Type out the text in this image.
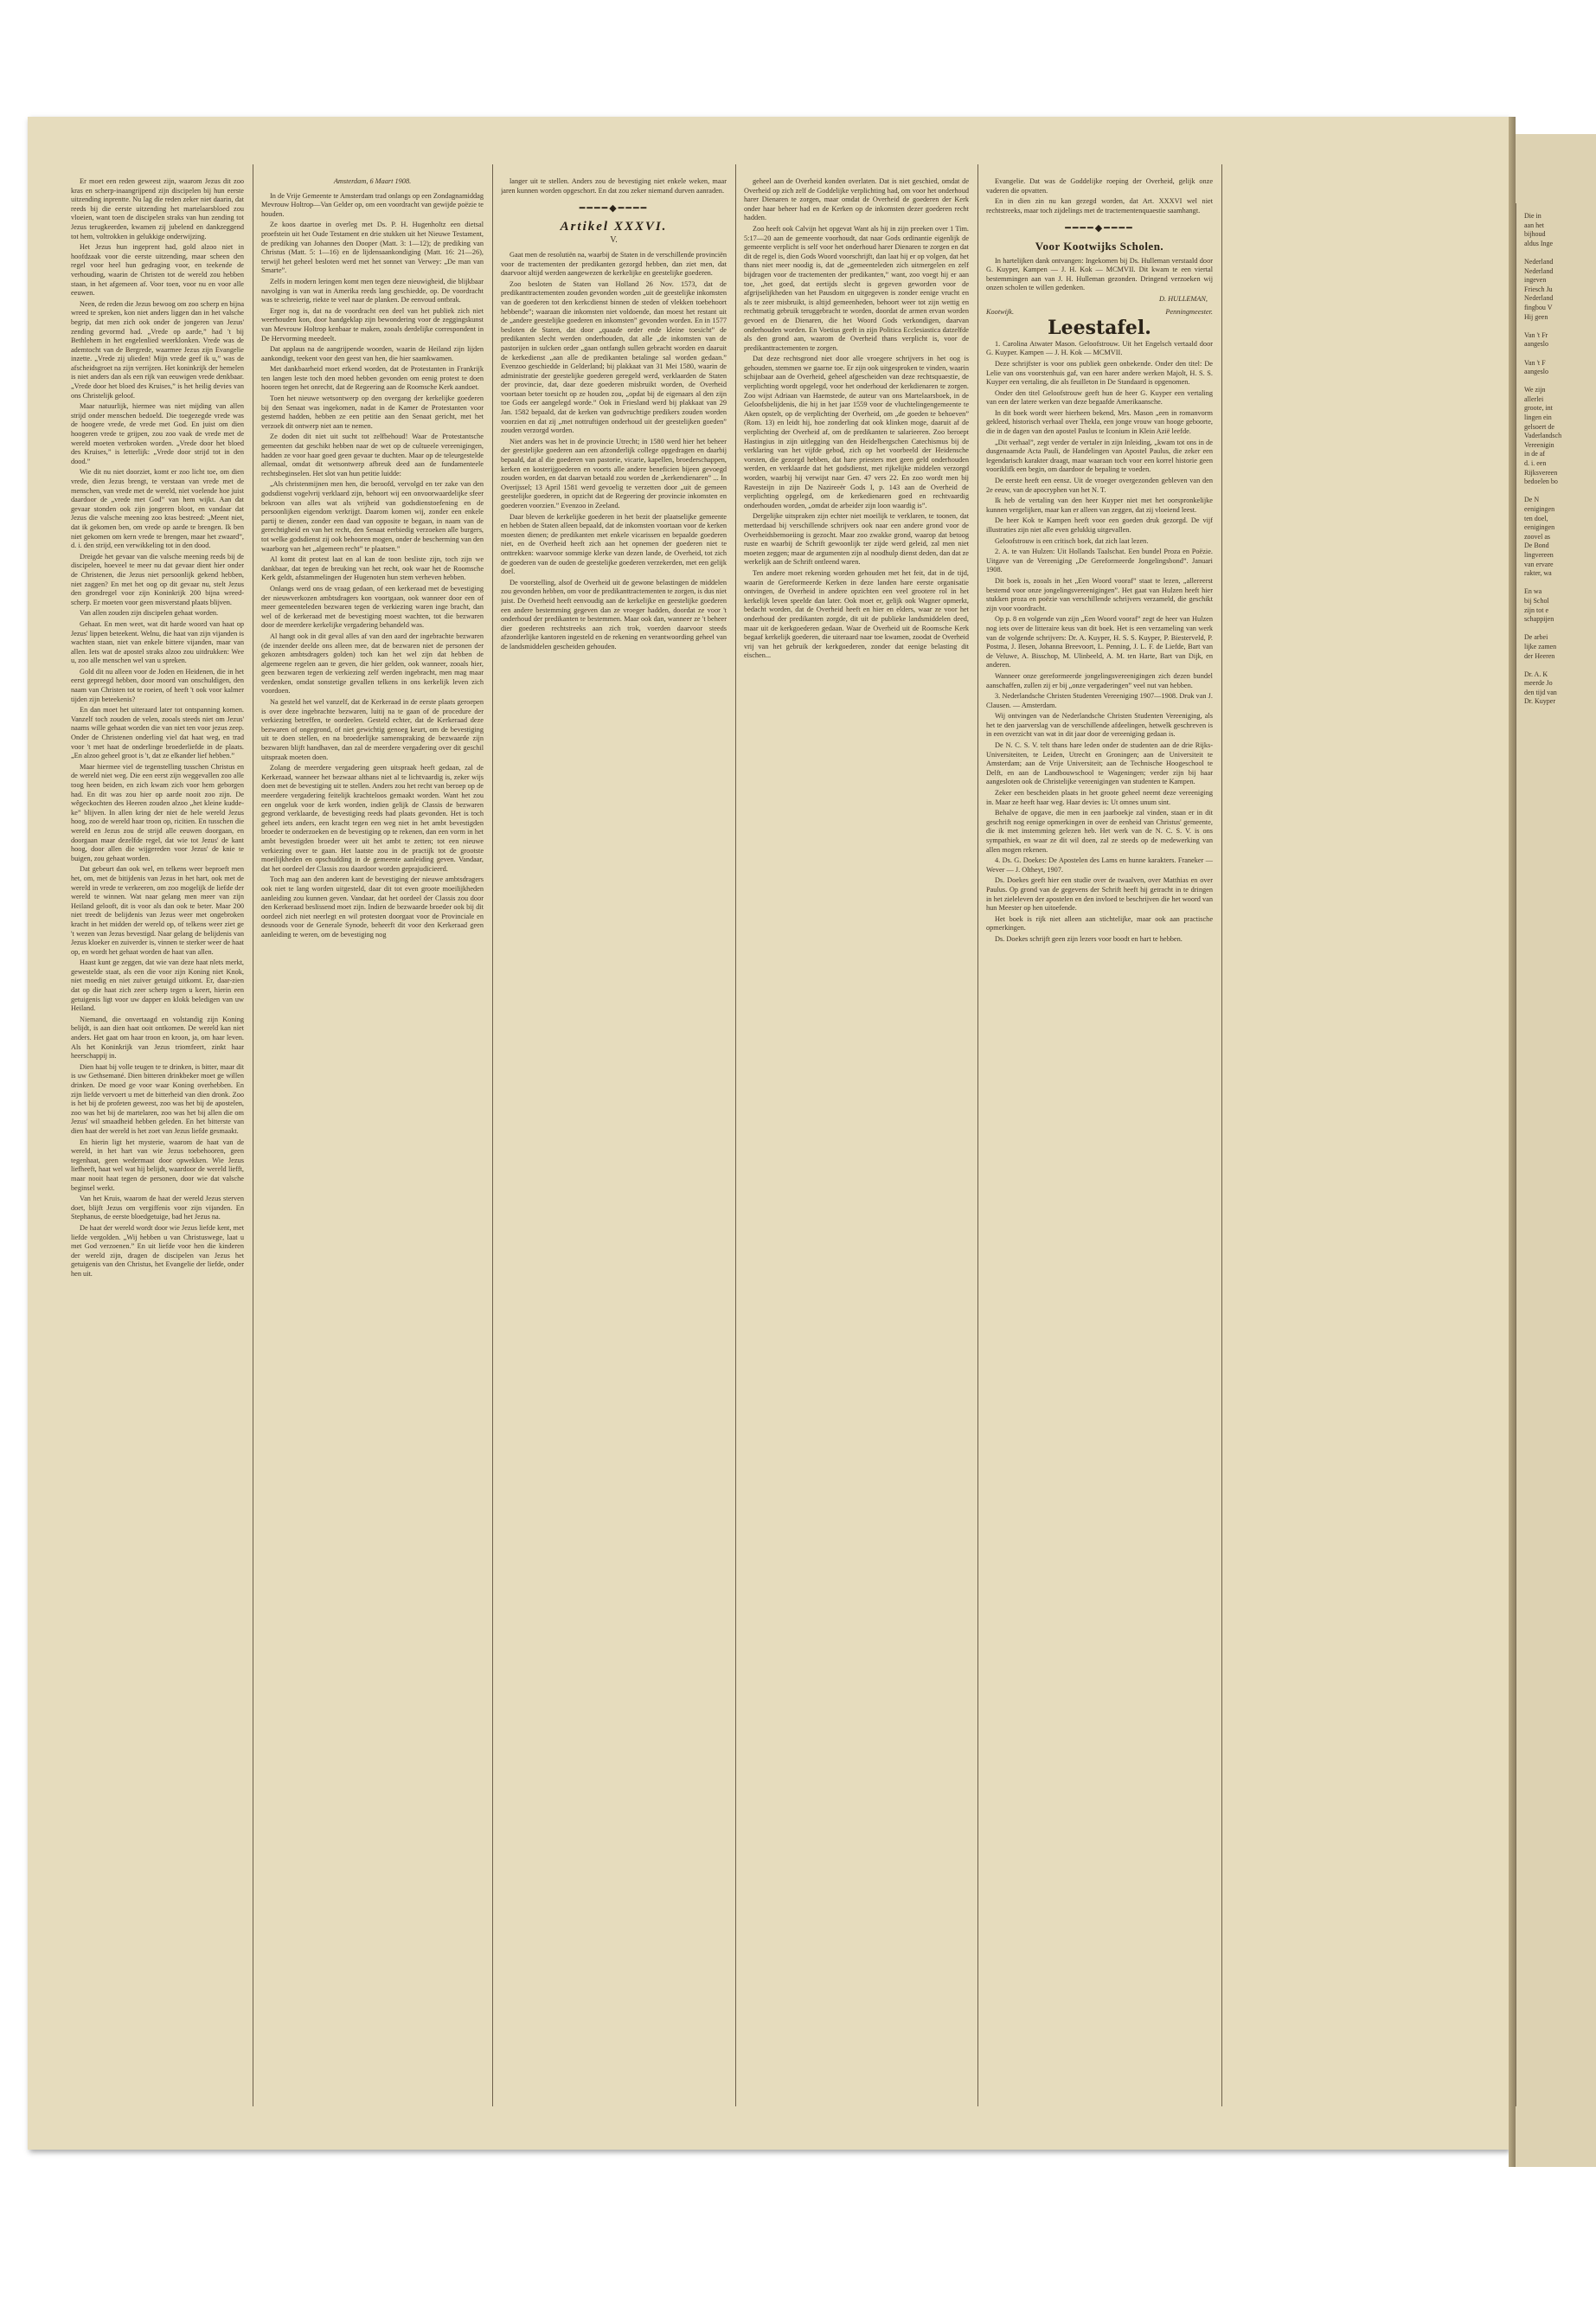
Er moet een reden geweest zijn, waarom Jezus dit zoo kras en scherp-inaangrijpend zijn discipelen bij hun eerste uitzending inprentte. Nu lag die reden zeker niet daarin, dat reeds bij die eerste uitzending het martelaarsbloed zou vloeien, want toen de discipelen straks van hun zending tot Jezus terugkeerden, kwamen zij jubelend en dankzeggend tot hem, voltrokken in gelukkige onderwijzing.

Het Jezus hun ingeprent had, gold alzoo niet in hoofdzaak voor die eerste uitzending, maar scheen den regel voor heel hun gedraging voor, en teekende de verhouding, waarin de Christen tot de wereld zou hebben staan, in het afgemeen af. Voor toen, voor nu en voor alle eeuwen.

Neen, de reden die Jezus bewoog om zoo scherp en bijna wreed te spreken, kon niet anders liggen dan in het valsche begrip, dat men zich ook onder de jongeren van Jezus' zending gevormd had. „Vrede op aarde,” had 't bij Bethlehem in het engelenlied weerklonken. Vrede was de ademtocht van de Bergrede, waarmee Jezus zijn Evangelie inzette. „Vrede zij ulieden! Mijn vrede geef ik u,” was de afscheidsgroet na zijn verrijzen. Het koninkrijk der hemelen is niet anders dan als een rijk van eeuwigen vrede denkbaar. „Vrede door het bloed des Kruises,” is het heilig devies van ons Christelijk geloof.

Maar natuurlijk, hiermee was niet mijding van allen strijd onder menschen bedoeld. Die toegezegde vrede was de hoogere vrede, de vrede met God. En juist om dien hoogeren vrede te grijpen, zou zoo vaak de vrede met de wereld moeten verbroken worden. „Vrede door het bloed des Kruises,” is letterlijk: „Vrede door strijd tot in den dood.”

Wie dit nu niet doorziet, komt er zoo licht toe, om dien vrede, dien Jezus brengt, te verstaan van vrede met de menschen, van vrede met de wereld, niet voelende hoe juist daardoor de „vrede met God” van hem wijkt. Aan dat gevaar stonden ook zijn jongeren bloot, en vandaar dat Jezus die valsche meening zoo kras bestreed: „Meent niet, dat ik gekomen ben, om vrede op aarde te brengen. Ik ben niet gekomen om kern vrede te brengen, maar het zwaard”, d. i. den strijd, een verwikkeling tot in den dood.

Dreigde het gevaar van die valsche meening reeds bij de discipelen, hoeveel te meer nu dat gevaar dient hier onder de Christenen, die Jezus niet persoonlijk gekend hebben, niet zaggen? En met het oog op dit gevaar nu, stelt Jezus den grondregel voor zijn Koninkrijk 200 bijna wreed-scherp. Er moeten voor geen misverstand plaats blijven.

Van allen zouden zijn discipelen gehaat worden.

Gehaat. En men weet, wat dit harde woord van haat op Jezus' lippen beteekent. Welnu, die haat van zijn vijanden is wachten staan, niet van enkele bittere vijanden, maar van allen. Iets wat de apostel straks alzoo zou uitdrukken: Wee u, zoo alle menschen wel van u spreken.

Gold dit nu alleen voor de Joden en Heidenen, die in het eerst gepreegd hebben, door moord van onschuldigen, den naam van Christen tot te roeien, of heeft 't ook voor kalmer tijden zijn beteekenis?

En dan moet het uiteraard later tot ontspanning komen. Vanzelf toch zouden de velen, zooals steeds niet om Jezus' naams wille gehaat worden die van niet ten voor jezus zeep. Onder de Christenen onderling viel dat haat weg, en trad voor 't met haat de onderlinge broederliefde in de plaats. „En alzoo geheel groot is 't, dat ze elkander lief hebben.”

Maar hiermee viel de tegenstelling tusschen Christus en de wereld niet weg. Die een eerst zijn weggevallen zoo alle toog heen beiden, en zich kwam zich voor hem geborgen had. En dit was zou hier op aarde nooit zoo zijn. De wêgeckochten des Heeren zouden alzoo „het kleine kudde-ke” blijven. In allen kring der niet de hele wereld Jezus hoog, zoo de wereld haar troon op, ricitien. En tusschen die wereld en Jezus zou de strijd alle eeuwen doorgaan, en doorgaan maar dezelfde regel, dat wie tot Jezus' de kant hoog, door allen die wijgereden voor Jezus' de knie te buigen, zou gehaat worden.

Dat gebeurt dan ook wel, en telkens weer beproeft men het, om, met de bitijdenis van Jezus in het hart, ook met de wereld in vrede te verkeeren, om zoo mogelijk de liefde der wereld te winnen. Wat naar gelang men meer van zijn Heiland gelooft, dit is voor als dan ook te beter. Maar 200 niet treedt de belijdenis van Jezus weer met ongebroken kracht in het midden der wereld op, of telkens weer ziet ge 't wezen van Jezus bevestigd. Naar gelang de belijdenis van Jezus kloeker en zuiverder is, vinnen te sterker weer de haat op, en wordt het gehaat worden de haat van allen.

Haast kunt ge zeggen, dat wie van deze haat nlets merkt, gewestelde staat, als een die voor zijn Koning niet Knok, niet moedig en niet zuiver getuigd uitkomt. Er, daar-zien dat op die haat zich zeer scherp tegen u keert, hierin een getuigenis ligt voor uw dapper en klokk beledigen van uw Heiland.

Niemand, die onvertaagd en volstandig zijn Koning belijdt, is aan dien haat ooit ontkomen. De wereld kan niet anders. Het gaat om haar troon en kroon, ja, om haar leven. Als het Koninkrijk van Jezus triomfeert, zinkt haar heerschappij in.

Dien haat bij volle teugen te te drinken, is bitter, maar dit is uw Gethsemané. Dien bitteren drinkbeker moet ge willen drinken. De moed ge voor waar Koning overhebben. En zijn liefde vervoert u met de bitterheid van dien dronk. Zoo is het bij de profeten geweest, zoo was het bij de apostelen, zoo was het bij de martelaren, zoo was het bij allen die om Jezus' wil smaadheid hebben geleden. En het bitterste van dien haat der wereld is het zoet van Jezus liefde gesmaakt.

En hierin ligt het mysterie, waarom de haat van de wereld, in het hart van wie Jezus toebehooren, geen tegenhaat, geen wedermaat door opwekken. Wie Jezus liefheeft, haat wel wat hij belijdt, waardoor de wereld liefft, maar nooit haat tegen de personen, door wie dat valsche beginsel werkt.

Van het Kruis, waarom de haat der wereld Jezus sterven doet, blijft Jezus om vergiffenis voor zijn vijanden. En Stephanus, de eerste bloedgetuige, bad het Jezus na.

De haat der wereld wordt door wie Jezus liefde kent, met liefde vergolden. „Wij hebben u van Christuswege, laat u met God verzoenen.” En uit liefde voor hen die kinderen der wereld zijn, dragen de discipelen van Jezus het getuigenis van den Christus, het Evangelie der liefde, onder hen uit.

Amsterdam, 6 Maart 1908.

In de Vrije Gemeente te Amsterdam trad onlangs op een Zondagnamiddag Mevrouw Holtrop—Van Gelder op, om een voordracht van gewijde poëzie te houden.

Ze koos daartoe in overleg met Ds. P. H. Hugenholtz een dietsal proefstein uit het Oude Testament en drie stukken uit het Nieuwe Testament, de prediking van Johannes den Dooper (Matt. 3: 1—12); de prediking van Christus (Matt. 5: 1—16) en de lijdensaankondiging (Matt. 16: 21—26), terwijl het geheel besloten werd met het sonnet van Verwey: „De man van Smarte”.

Zelfs in modern leringen komt men tegen deze nieuwigheid, die blijkbaar navolging is van wat in Amerika reeds lang geschiedde, op. De voordracht was te schreierig, riekte te veel naar de planken. De eenvoud ontbrak.

Erger nog is, dat na de voordracht een deel van het publiek zich niet weerhouden kon, door handgeklap zijn bewondering voor de zeggingskunst van Mevrouw Holtrop kenbaar te maken, zooals derdelijke correspondent in De Hervorming meedeelt.

Dat applaus na de aangrijpende woorden, waarin de Heiland zijn lijden aankondigt, teekent voor den geest van hen, die hier saamkwamen.

Met dankbaarheid moet erkend worden, dat de Protestanten in Frankrijk ten langen leste toch den moed hebben gevonden om eenig protest te doen hooren tegen het onrecht, dat de Regeering aan de Roomsche Kerk aandoet.

Toen het nieuwe wetsontwerp op den overgang der kerkelijke goederen bij den Senaat was ingekomen, nadat in de Kamer de Protestanten voor gestemd hadden, hebben ze een petitie aan den Senaat gericht, met het verzoek dit ontwerp niet aan te nemen.

Ze doden dit niet uit sucht tot zelfbehoud! Waar de Protestantsche gemeenten dat geschikt hebben naar de wet op de cultueele vereenigingen, hadden ze voor haar goed geen gevaar te duchten. Maar op de teleurgestelde allemaal, omdat dit wetsontwerp afbreuk deed aan de fundamenteele rechtsbeginselen. Het slot van hun petitie luidde:

„Als christenmijnen men hen, die beroofd, vervolgd en ter zake van den godsdienst vogelvrij verklaard zijn, behoort wij een onvoorwaardelijke sfeer bekroon van alles wat als vrijheid van godsdienstoefening en de persoonlijken eigendom verkrijgt. Daarom komen wij, zonder een enkele partij te dienen, zonder een daad van opposite te begaan, in naam van de gerechtigheid en van het recht, den Senaat eerbiedig verzoeken alle burgers, tot welke godsdienst zij ook behooren mogen, onder de bescherming van den waarborg van het „algemeen recht” te plaatsen.”

Al komt dit protest laat en al kan de toon besliste zijn, toch zijn we dankbaar, dat tegen de breuking van het recht, ook waar het de Roomsche Kerk geldt, afstammelingen der Hugenoten hun stem verheven hebben.

Onlangs werd ons de vraag gedaan, of een kerkeraad met de bevestiging der nieuwverkozen ambtsdragers kon voortgaan, ook wanneer door een of meer gemeenteleden bezwaren tegen de verkiezing waren inge bracht, dan wel of de kerkeraad met de bevestiging moest wachten, tot die bezwaren door de meerdere kerkelijke vergadering behandeld was.

Al hangt ook in dit geval alles af van den aard der ingebrachte bezwaren (de inzender deelde ons alleen mee, dat de bezwaren niet de personen der gekozen ambtsdragers golden) toch kan het wel zijn dat hebben de algemeene regelen aan te geven, die hier gelden, ook wanneer, zooals hier, geen bezwaren tegen de verkiezing zelf werden ingebracht, men mag maar verdenken, omdat sonstetige gevallen telkens in ons kerkelijk leven zich voordoen.

Na gesteld het wel vanzelf, dat de Kerkeraad in de eerste plaats geroepen is over deze ingebrachte bezwaren, luitij na te gaan of de procedure der verkiezing betreffen, te oordeelen. Gesteld echter, dat de Kerkeraad deze bezwaren of ongegrond, of niet gewichtig genoeg keurt, om de bevestiging uit te doen stellen, en na broederlijke samenspraking de bezwaarde zijn bezwaren blijft handhaven, dan zal de meerdere vergadering over dit geschil uitspraak moeten doen.

Zolang de meerdere vergadering geen uitspraak heeft gedaan, zal de Kerkeraad, wanneer het bezwaar althans niet al te lichtvaardig is, zeker wijs doen met de bevestiging uit te stellen. Anders zou het recht van beroep op de meerdere vergadering feitelijk krachteloos gemaakt worden. Want het zou een ongeluk voor de kerk worden, indien gelijk de Classis de bezwaren gegrond verklaarde, de bevestiging reeds had plaats gevonden. Het is toch geheel iets anders, een kracht tegen een weg niet in het ambt bevestigden broeder te onderzoeken en de bevestiging op te rekenen, dan een vorm in het ambt bevestigden broeder weer uit het ambt te zetten; tot een nieuwe verkiezing over te gaan. Het laatste zou in de practijk tot de grootste moeilijkheden en opschudding in de gemeente aanleiding geven. Vandaar, dat het oordeel der Classis zou daardoor worden geprajudicieerd.

Toch mag aan den anderen kant de bevestiging der nieuwe ambtsdragers ook niet te lang worden uitgesteld, daar dit tot even groote moeilijkheden aanleiding zou kunnen geven. Vandaar, dat het oordeel der Classis zou door den Kerkeraad beslissend moet zijn. Indien de bezwaarde broeder ook bij dit oordeel zich niet neerlegt en wil protesten doorgaat voor de Provinciale en desnoods voor de Generale Synode, beheerft dit voor den Kerkeraad geen aanleiding te weren, om de bevestiging nog

langer uit te stellen. Anders zou de bevestiging niet enkele weken, maar jaren kunnen worden opgeschort. En dat zou zeker niemand durven aanraden.

━━━━◆━━━━
Artikel XXXVI.
V.

Gaat men de resolutiën na, waarbij de Staten in de verschillende provinciën voor de tractementen der predikanten gezorgd hebben, dan ziet men, dat daarvoor altijd werden aangewezen de kerkelijke en geestelijke goederen.

Zoo besloten de Staten van Holland 26 Nov. 1573, dat de predikanttractementen zouden gevonden worden „uit de geestelijke inkomsten van de goederen tot den kerkcdienst binnen de steden of vlekken toebehoort hebbende”; waaraan die inkomsten niet voldoende, dan moest het restant uit de „andere geestelijke goederen en inkomsten” gevonden worden. En in 1577 besloten de Staten, dat door „quaade order ende kleine toesicht” de predikanten slecht werden onderhouden, dat alle „de inkomsten van de pastorijen in sulcken order „gaan ontfangh sullen gebracht worden en daaruit de kerkedienst „aan alle de predikanten betalinge sal worden gedaan.” Evenzoo geschiedde in Gelderland; bij plakkaat van 31 Mei 1580, waarin de administratie der geestelijke goederen geregeld werd, verklaarden de Staten der provincie, dat, daar deze goederen misbruikt worden, de Overheid voortaan beter toesicht op ze houden zou, „opdat bij de eigenaars al den zijn toe Gods eer aangelegd worde.” Ook in Friesland werd bij plakkaat van 29 Jan. 1582 bepaald, dat de kerken van godvruchtige predikers zouden worden voorzien en dat zij „met nottruftigen onderhoud uit der geestelijken goeden” zouden verzorgd worden.

Niet anders was het in de provincie Utrecht; in 1580 werd hier het beheer der geestelijke goederen aan een afzonderlijk college opgedragen en daarbij bepaald, dat al die goederen van pastorie, vicarie, kapellen, broederschappen, kerken en kosterijgoederen en voorts alle andere beneficien bijeen gevoegd zouden worden, en dat daarvan betaald zou worden de „kerkendienaren” ... In Overijssel; 13 April 1581 werd gevoelig te verzetten door „uit de gemeen geestelijke goederen, in opzicht dat de Regeering der provincie inkomsten en goederen voorzien.” Evenzoo in Zeeland.

Daar bleven de kerkelijke goederen in het bezit der plaatselijke gemeente en hebben de Staten alleen bepaald, dat de inkomsten voortaan voor de kerken moesten dienen; de predikanten met enkele vicarissen en bepaalde goederen niet, en de Overheid heeft zich aan het opnemen der goederen niet te onttrekken: waarvoor sommige klerke van dezen lande, de Overheid, tot zich de goederen van de ouden de geestelijke goederen verzekerden, met een gelijk doel.

De voorstelling, alsof de Overheid uit de gewone belastingen de middelen zou gevonden hebben, om voor de predikanttractementen te zorgen, is dus niet juist. De Overheid heeft eenvoudig aan de kerkelijke en geestelijke goederen een andere bestemming gegeven dan ze vroeger hadden, doordat ze voor 't onderhoud der predikanten te bestemmen. Maar ook dan, wanneer ze 't beheer dier goederen rechtstreeks aan zich trok, voerden daarvoor steeds afzonderlijke kantoren ingesteld en de rekening en verantwoording geheel van de landsmiddelen gescheiden gehouden.

geheel aan de Overheid konden overlaten. Dat is niet geschied, omdat de Overheid op zich zelf de Goddelijke verplichting had, om voor het onderhoud harer Dienaren te zorgen, maar omdat de Overheid de goederen der Kerk onder haar beheer had en de Kerken op de inkomsten dezer goederen recht hadden.

Zoo heeft ook Calvijn het opgevat Want als hij in zijn preeken over 1 Tim. 5:17—20 aan de gemeente voorhoudt, dat naar Gods ordinantie eigenlijk de gemeente verplicht is self voor het onderhoud harer Dienaren te zorgen en dat dit de regel is, dien Gods Woord voorschrijft, dan laat hij er op volgen, dat het thans niet meer noodig is, dat de „gemeenteleden zich uitmergelen en zelf bijdragen voor de tractementen der predikanten,” want, zoo voegt hij er aan toe, „het goed, dat eertijds slecht is gegeven geworden voor de afgrijselijkheden van het Pausdom en uitgegeven is zonder eenige vrucht en als te zeer misbruikt, is altijd gemeenheden, behoort weer tot zijn wettig en rechtmatig gebruik teruggebracht te worden, doordat de armen ervan worden gevoed en de Dienaren, die het Woord Gods verkondigen, daarvan onderhouden worden. En Voetius geeft in zijn Politica Ecclesiastica datzelfde als den grond aan, waarom de Overheid thans verplicht is, voor de predikanttractementen te zorgen.

Dat deze rechtsgrond niet door alle vroegere schrijvers in het oog is gehouden, stemmen we gaarne toe. Er zijn ook uitgesproken te vinden, waarin schijnbaar aan de Overheid, geheel afgescheiden van deze rechtsquaestie, de verplichting wordt opgelegd, voor het onderhoud der kerkdienaren te zorgen. Zoo wijst Adriaan van Haemstede, de auteur van ons Martelaarsboek, in de Geloofsbelijdenis, die hij in het jaar 1559 voor de vluchtelingengemeente te Aken opstelt, op de verplichting der Overheid, om „de goeden te behoeven” (Rom. 13) en leidt hij, hoe zonderling dat ook klinken moge, daaruit af de verplichting der Overheid af, om de predikanten te salarieeren. Zoo beroept Hastingius in zijn uitlegging van den Heidelbergschen Catechismus bij de verklaring van het vijfde gebod, zich op het voorbeeld der Heidensche vorsten, die gezorgd hebben, dat hare priesters met geen geld onderhouden werden, en verklaarde dat het godsdienst, met rijkelijke middelen verzorgd worden, waarbij hij verwijst naar Gen. 47 vers 22. En zoo wordt men bij Ravesteijn in zijn De Nazireeër Gods I, p. 143 aan de Overheid de verplichting opgelegd, om de kerkedienaren goed en rechtvaardig onderhouden worden, „omdat de arbeider zijn loon waardig is”.

Dergelijke uitspraken zijn echter niet moeilijk te verklaren, te toonen, dat metterdaad bij verschillende schrijvers ook naar een andere grond voor de Overheidsbemoeiing is gezocht. Maar zoo zwakke grond, waarop dat betoog ruste en waarbij de Schrift gewoonlijk ter zijde werd geleid, zal men niet moeten zeggen; maar de argumenten zijn al noodhulp dienst deden, dan dat ze werkelijk aan de Schrift ontleend waren.

Ten andere moet rekening worden gehouden met het feit, dat in de tijd, waarin de Gereformeerde Kerken in deze landen hare eerste organisatie ontvingen, de Overheid in andere opzichten een veel grootere rol in het kerkelijk leven speelde dan later. Ook moet er, gelijk ook Wagner opmerkt, bedacht worden, dat de Overheid heeft en hier en elders, waar ze voor het onderhoud der predikanten zorgde, dit uit de publieke landsmiddelen deed, maar uit de kerkgoederen gedaan. Waar de Overheid uit de Roomsche Kerk begaaf kerkelijk goederen, die uiteraard naar toe kwamen, zoodat de Overheid vrij van het gebruik der kerkgoederen, zonder dat eenige belasting dit eischen...

Evangelie. Dat was de Goddelijke roeping der Overheid, gelijk onze vaderen die opvatten.

En in dien zin nu kan gezegd worden, dat Art. XXXVI wel niet rechtstreeks, maar toch zijdelings met de tractementenquaestie saamhangt.

━━━━◆━━━━
Voor Kootwijks Scholen.

In hartelijken dank ontvangen: Ingekomen bij Ds. Hulleman verstaald door G. Kuyper, Kampen — J. H. Kok — MCMVII. Dit kwam te een viertal bestemmingen aan van J. H. Hulleman gezonden. Dringend verzoeken wij onzen scholen te willen gedenken.

D. HULLEMAN,
Kootwijk.	Penningmeester.
Leestafel.

1. Carolina Atwater Mason. Geloofstrouw. Uit het Engelsch vertaald door G. Kuyper. Kampen — J. H. Kok — MCMVII.

Deze schrijfster is voor ons publiek geen onbekende. Onder den titel: De Lelie van ons voorstenhuis gaf, van een harer andere werken Majolt, H. S. S. Kuyper een vertaling, die als feuilleton in De Standaard is opgenomen.

Onder den titel Geloofstrouw geeft hun de heer G. Kuyper een vertaling van een der latere werken van deze begaafde Amerikaansche.

In dit boek wordt weer hierheen bekend, Mrs. Mason „een in romanvorm gekleed, historisch verhaal over Thekla, een jonge vrouw van hooge geboorte, die in de dagen van den apostel Paulus te Iconium in Klein Azië leefde.

„Dit verhaal”, zegt verder de vertaler in zijn Inleiding, „kwam tot ons in de dusgenaamde Acta Pauli, de Handelingen van Apostel Paulus, die zeker een legendarisch karakter draagt, maar waaraan toch voor een korrel historie geen vooriklifk een begin, om daardoor de bepaling te voeden.

De eerste heeft een eensz. Uit de vroeger overgezonden gebleven van den 2e eeuw, van de apocryphen van het N. T.

Ik heb de vertaling van den heer Kuyper niet met het oorspronkelijke kunnen vergelijken, maar kan er alleen van zeggen, dat zij vloeiend leest.

De heer Kok te Kampen heeft voor een goeden druk gezorgd. De vijf illustraties zijn niet alle even gelukkig uitgevallen.

Geloofstrouw is een critisch boek, dat zich laat lezen.

2. A. te van Hulzen: Uit Hollands Taalschat. Een bundel Proza en Poëzie. Uitgave van de Vereeniging „De Gereformeerde Jongelingsbond”. Januari 1908.

Dit boek is, zooals in het „Een Woord vooraf” staat te lezen, „allereerst bestemd voor onze jongelingsvereenigingen”. Het gaat van Hulzen heeft hier stukken proza en poëzie van verschillende schrijvers verzameld, die geschikt zijn voor voordracht.

Op p. 8 en volgende van zijn „Een Woord vooraf” zegt de heer van Hulzen nog iets over de litteraire keus van dit boek. Het is een verzameling van werk van de volgende schrijvers: Dr. A. Kuyper, H. S. S. Kuyper, P. Biesterveld, P. Postma, J. Ilesen, Johanna Breevoort, L. Penning, J. L. F. de Liefde, Bart van de Veluwe, A. Bisschop, M. Ulinbeeld, A. M. ten Harte, Bart van Dijk, en anderen.

Wanneer onze gereformeerde jongelingsvereenigingen zich dezen bundel aanschaffen, zullen zij er bij „onze vergaderingen” veel nut van hebben.

3. Nederlandsche Christen Studenten Vereeniging 1907—1908. Druk van J. Clausen. — Amsterdam.

Wij ontvingen van de Nederlandsche Christen Studenten Vereeniging, als het te den jaarverslag van de verschillende afdeelingen, hetwelk geschreven is in een overzicht van wat in dit jaar door de vereeniging gedaan is.

De N. C. S. V. telt thans hare leden onder de studenten aan de drie Rijks-Universiteiten, te Leiden, Utrecht en Groningen; aan de Universiteit te Amsterdam; aan de Vrije Universiteit; aan de Technische Hoogeschool te Delft, en aan de Landbouwschool te Wageningen; verder zijn bij haar aangesloten ook de Christelijke vereenigingen van studenten te Kampen.

Zeker een bescheiden plaats in het groote geheel neemt deze vereeniging in. Maar ze heeft haar weg. Haar devies is: Ut omnes unum sint.

Behalve de opgave, die men in een jaarboekje zal vinden, staan er in dit geschrift nog eenige opmerkingen in over de eenheid van Christus' gemeente, die ik met instemming gelezen heb. Het werk van de N. C. S. V. is ons sympathiek, en waar ze dit wil doen, zal ze steeds op de medewerking van allen mogen rekenen.

4. Ds. G. Doekes: De Apostelen des Lams en hunne karakters. Franeker — Wever — J. Oltheyt, 1907.

Ds. Doekes geeft hier een studie over de twaalven, over Matthias en over Paulus. Op grond van de gegevens der Schrift heeft hij getracht in te dringen in het zieleleven der apostelen en den invloed te beschrijven die het woord van hun Meester op hen uitoefende.

Het boek is rijk niet alleen aan stichtelijke, maar ook aan practische opmerkingen.

Ds. Doekes schrijft geen zijn lezers voor boodt en hart te hebben.

Die in
aan het
bijhoud
aldus Inge

Nederland
Nederland
ingeven
Friesch Ju
Nederland
fingbou V
Hij geen

Van 't Fr
aangeslo

Van 't F
aangeslo

We zijn
allerlei
groote, int
lingen ein
gelsoert de
Vaderlandsch
Vereenigin
in de af
d. i. een
Rijksvereen
bedoelen bo

De N
eenigingen
ten doel,
eenigingen
zoovel as
De Bond
lingvereen
van ervare
rakter, wa

En wa
bij Schol
zijn tot e
schappijen

De arbei
lijke zamen
der Heeren

Dr. A. K
meerde Jo
den tijd van
Dr. Kuyper
